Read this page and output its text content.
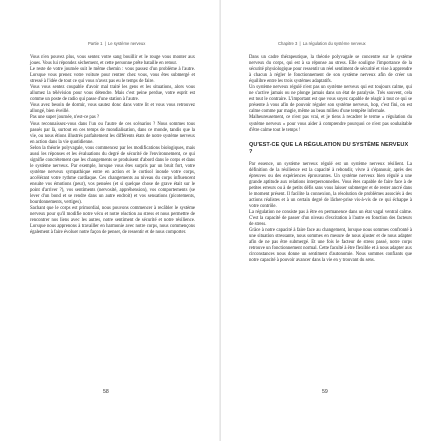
Partie 1 | Le système nerveux

Vous n'en pouvez plus, vous sentez votre sang bouillir et le rouge vous monter aux joues. Vous lui répondez sèchement, et cette personne prête bataille en retour.

Le reste de votre journée suit le même chemin : vous passez d'un problème à l'autre. Lorsque vous prenez votre voiture pour rentrer chez vous, vous êtes submergé et stressé à l'idée de tout ce qui vous n'avez pas eu le temps de faire.

Vous vous sentez coupable d'avoir mal traité les gens et les situations, alors vous allumez la télévision pour vous détendre. Mais c'est peine perdue, votre esprit est comme un poste de radio qui passe d'une station à l'autre.

Vous avez besoin de dormir, vous sautez donc dans votre lit et vous vous retrouvez allongé, bien éveillé.

Pas une super journée, n'est-ce pas ?

Vous reconnaissez-vous dans l'un ou l'autre de ces scénarios ? Nous sommes tous passés par là, surtout en ces temps de mondialisation, dans ce monde, tandis que la vie, ou nous étions illustrés parfaitement les différents états de notre système nerveux en action dans la vie quotidienne.

Selon la théorie polyvagale, vous commencez par les modifications biologiques, mais aussi les réponses et les évaluations du degré de sécurité de l'environnement, ce qui signifie concrètement que les changements se produisent d'abord dans le corps et dans le système nerveux. Par exemple, lorsque vous êtes surpris par un bruit fort, votre système nerveux sympathique entre en action et le cortisol inonde votre corps, accélérant votre rythme cardiaque. Ces changements au niveau du corps influencent ensuite vos émotions (peur), vos pensées (et si quelque chose de grave était sur le point d'arriver ?), vos sentiments (nervosité, appréhension), vos comportements (se lever d'un bond et se rendre dans un autre endroit) et vos sensations (picotements, bourdonnements, vertiges).

Sachant que le corps est primordial, nous pouvons commencer à recâbler le système nerveux pour qu'il modifie notre vécu et notre réaction au stress et nous permettre de rencontrer nos liens avec les autres, notre sentiment de sécurité et notre résilience. Lorsque nous apprenons à travailler en harmonie avec notre corps, nous commençons également à faire évoluer notre façon de penser, de ressentir et de nous comporter.

58
Chapitre 3 | La régulation du système nerveux

Dans un cadre thérapeutique, la théorie polyvagale se concentre sur le système nerveux du corps, qui est à sa réponse au stress. Elle souligne l'importance de la sécurité physiologique pour ressentir un réel sentiment de sécurité et vise à apprendre à chacun à régler le fonctionnement de son système nerveux afin de créer un équilibre entre les trois systèmes adaptatifs.

Un système nerveux régulé n'est pas un système nerveux qui est toujours calme, qui ne s'active jamais ou ne plonge jamais dans un état de paralysie. Très souvent, cela est tout le contraire. L'important est que vous soyez capable de réagir à tout ce qui se présente à vous afin de pouvoir réguler son système nerveux, hop, c'est fini, on est calme comme par magie, même au beau milieu d'une tempête infernale.

Malheureusement, ce n'est pas vrai, et je tiens à recadrer le terme « régulation du système nerveux » pour vous aider à comprendre pourquoi ce n'est pas souhaitable d'être calme tout le temps !

QU'EST-CE QUE LA RÉGULATION DU SYSTÈME NERVEUX ?

Par essence, un système nerveux régulé est un système nerveux résilient. La définition de la résilience est la capacité à rebondir, vivre à s'épanouir, après des épreuves ou des expériences éprouvantes. Un système nerveux bien régulé a une grande aptitude aux relations interpersonnelles. Vous êtes capable de faire face à de petites erreurs ou à de petits défis sans vous laisser submerger et de rester ancré dans le moment présent. Il facilite la connexion, la résolution de problèmes associés à des actions réalistes et à un certain degré de lâcher-prise vis-à-vis de ce qui échappe à votre contrôle.

La régulation ne consiste pas à être en permanence dans un état vagal ventral calme. C'est la capacité de passer d'un niveau d'excitation à l'autre en fonction des facteurs de stress.

Grâce à notre capacité à faire face au changement, lorsque nous sommes confronté à une situation stressante, nous sommes en mesure de nous ajuster et de nous adapter afin de ne pas être submergé. Et une fois le facteur de stress passé, notre corps retrouve un fonctionnement normal. Cette faculté à être flexible et à nous adapter aux circonstances nous donne un sentiment d'autonomie. Nous sommes confiants que notre capacité à pouvoir avancer dans la vie en y trouvant du sens.

59
